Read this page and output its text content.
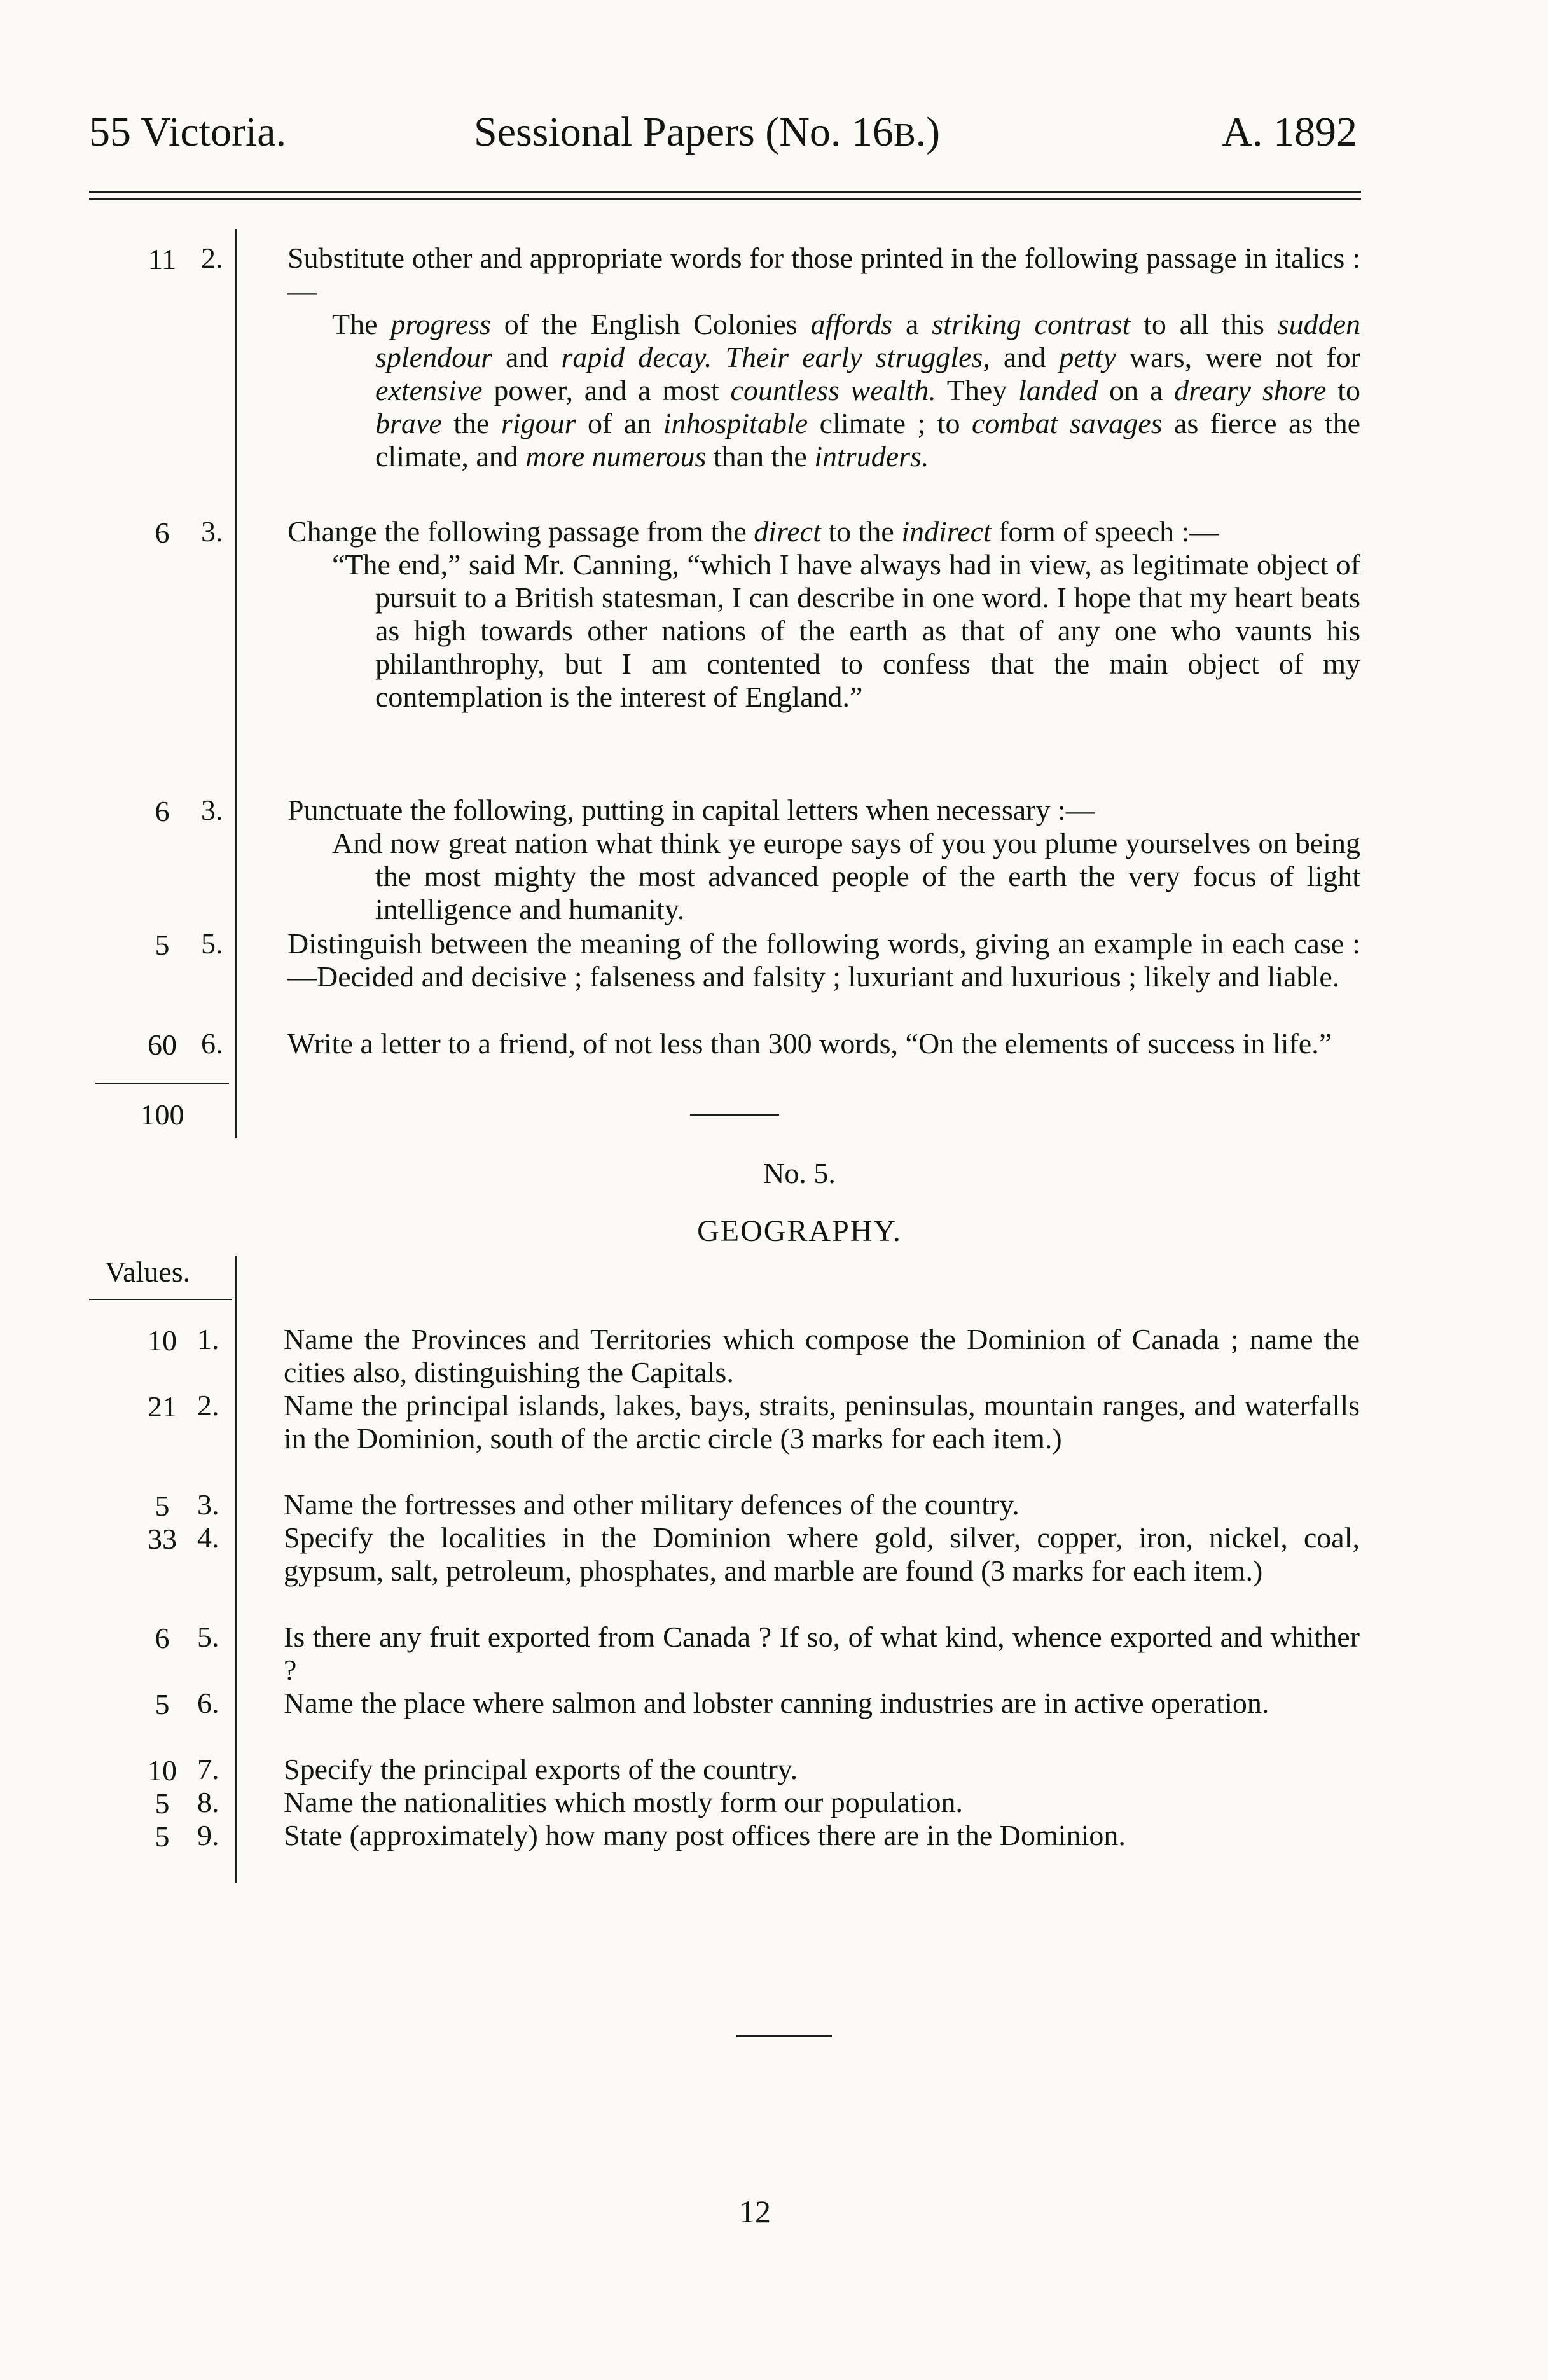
55 Victoria.	Sessional Papers (No. 16B.)	A. 1892
11
6
6
5
60
100
2. Substitute other and appropriate words for those printed in the following passage in italics :—
The progress of the English Colonies affords a striking contrast to all this sudden splendour and rapid decay. Their early struggles, and petty wars, were not for extensive power, and a most countless wealth. They landed on a dreary shore to brave the rigour of an inhospitable climate ; to combat savages as fierce as the climate, and more numerous than the intruders.
3. Change the following passage from the direct to the indirect form of speech :—
“The end,” said Mr. Canning, “which I have always had in view, as legitimate object of pursuit to a British statesman, I can describe in one word. I hope that my heart beats as high towards other nations of the earth as that of any one who vaunts his philanthrophy, but I am contented to confess that the main object of my contemplation is the interest of England.”
3. Punctuate the following, putting in capital letters when necessary :—
And now great nation what think ye europe says of you you plume yourselves on being the most mighty the most advanced people of the earth the very focus of light intelligence and humanity.
5. Distinguish between the meaning of the following words, giving an example in each case :—Decided and decisive ; falseness and falsity ; luxuriant and luxurious ; likely and liable.
6. Write a letter to a friend, of not less than 300 words, “On the elements of success in life.”
No. 5.
GEOGRAPHY.
Values.
10
21
5
33
6
5
10
5
5
1. Name the Provinces and Territories which compose the Dominion of Canada ; name the cities also, distinguishing the Capitals.
2. Name the principal islands, lakes, bays, straits, peninsulas, mountain ranges, and waterfalls in the Dominion, south of the arctic circle (3 marks for each item.)
3. Name the fortresses and other military defences of the country.
4. Specify the localities in the Dominion where gold, silver, copper, iron, nickel, coal, gypsum, salt, petroleum, phosphates, and marble are found (3 marks for each item.)
5. Is there any fruit exported from Canada ? If so, of what kind, whence exported and whither ?
6. Name the place where salmon and lobster canning industries are in active operation.
7. Specify the principal exports of the country.
8. Name the nationalities which mostly form our population.
9. State (approximately) how many post offices there are in the Dominion.
12
